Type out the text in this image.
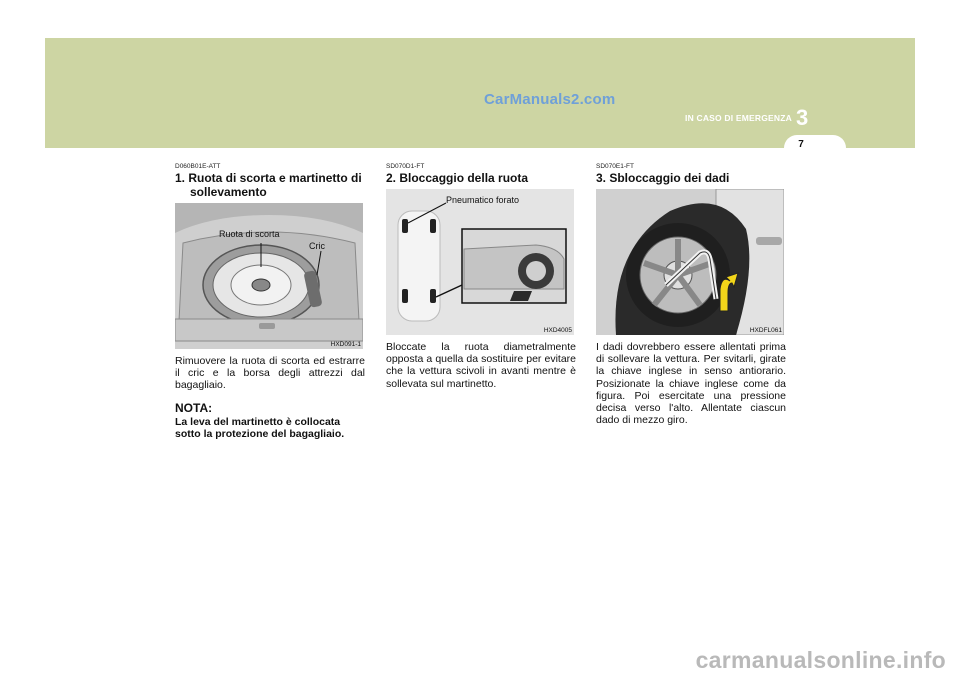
CarManuals2.com
IN CASO DI EMERGENZA 3
7
D060B01E-ATT
1. Ruota di scorta e martinetto di sollevamento
Ruota di scorta
Cric
HXD091-1

Rimuovere la ruota di scorta ed estrarre il cric e la borsa degli attrezzi dal bagagliaio.

NOTA:
La leva del martinetto è collocata sotto la protezione del bagagliaio.
SD070D1-FT
2. Bloccaggio della ruota
Pneumatico forato
HXD4005

Bloccate la ruota diametralmente opposta a quella da sostituire per evitare che la vettura scivoli in avanti mentre è sollevata sul martinetto.

SD070E1-FT
3. Sbloccaggio dei dadi
HXDFL061

I dadi dovrebbero essere allentati prima di sollevare la vettura. Per svitarli, girate la chiave inglese in senso antiorario. Posizionate la chiave inglese come da figura. Poi esercitate una pressione decisa verso l'alto. Allentate ciascun dado di mezzo giro.

carmanualsonline.info
